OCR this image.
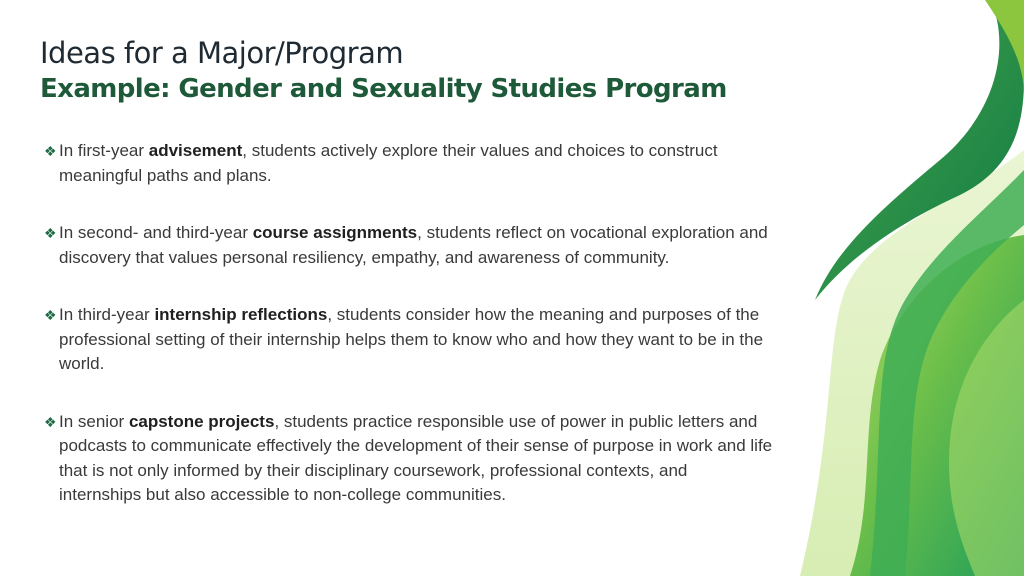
Ideas for a Major/Program
Example: Gender and Sexuality Studies Program
❖ In first-year advisement, students actively explore their values and choices to construct meaningful paths and plans.
❖ In second- and third-year course assignments, students reflect on vocational exploration and discovery that values personal resiliency, empathy, and awareness of community.
❖ In third-year internship reflections, students consider how the meaning and purposes of the professional setting of their internship helps them to know who and how they want to be in the world.
❖ In senior capstone projects, students practice responsible use of power in public letters and podcasts to communicate effectively the development of their sense of purpose in work and life that is not only informed by their disciplinary coursework, professional contexts, and internships but also accessible to non-college communities.
